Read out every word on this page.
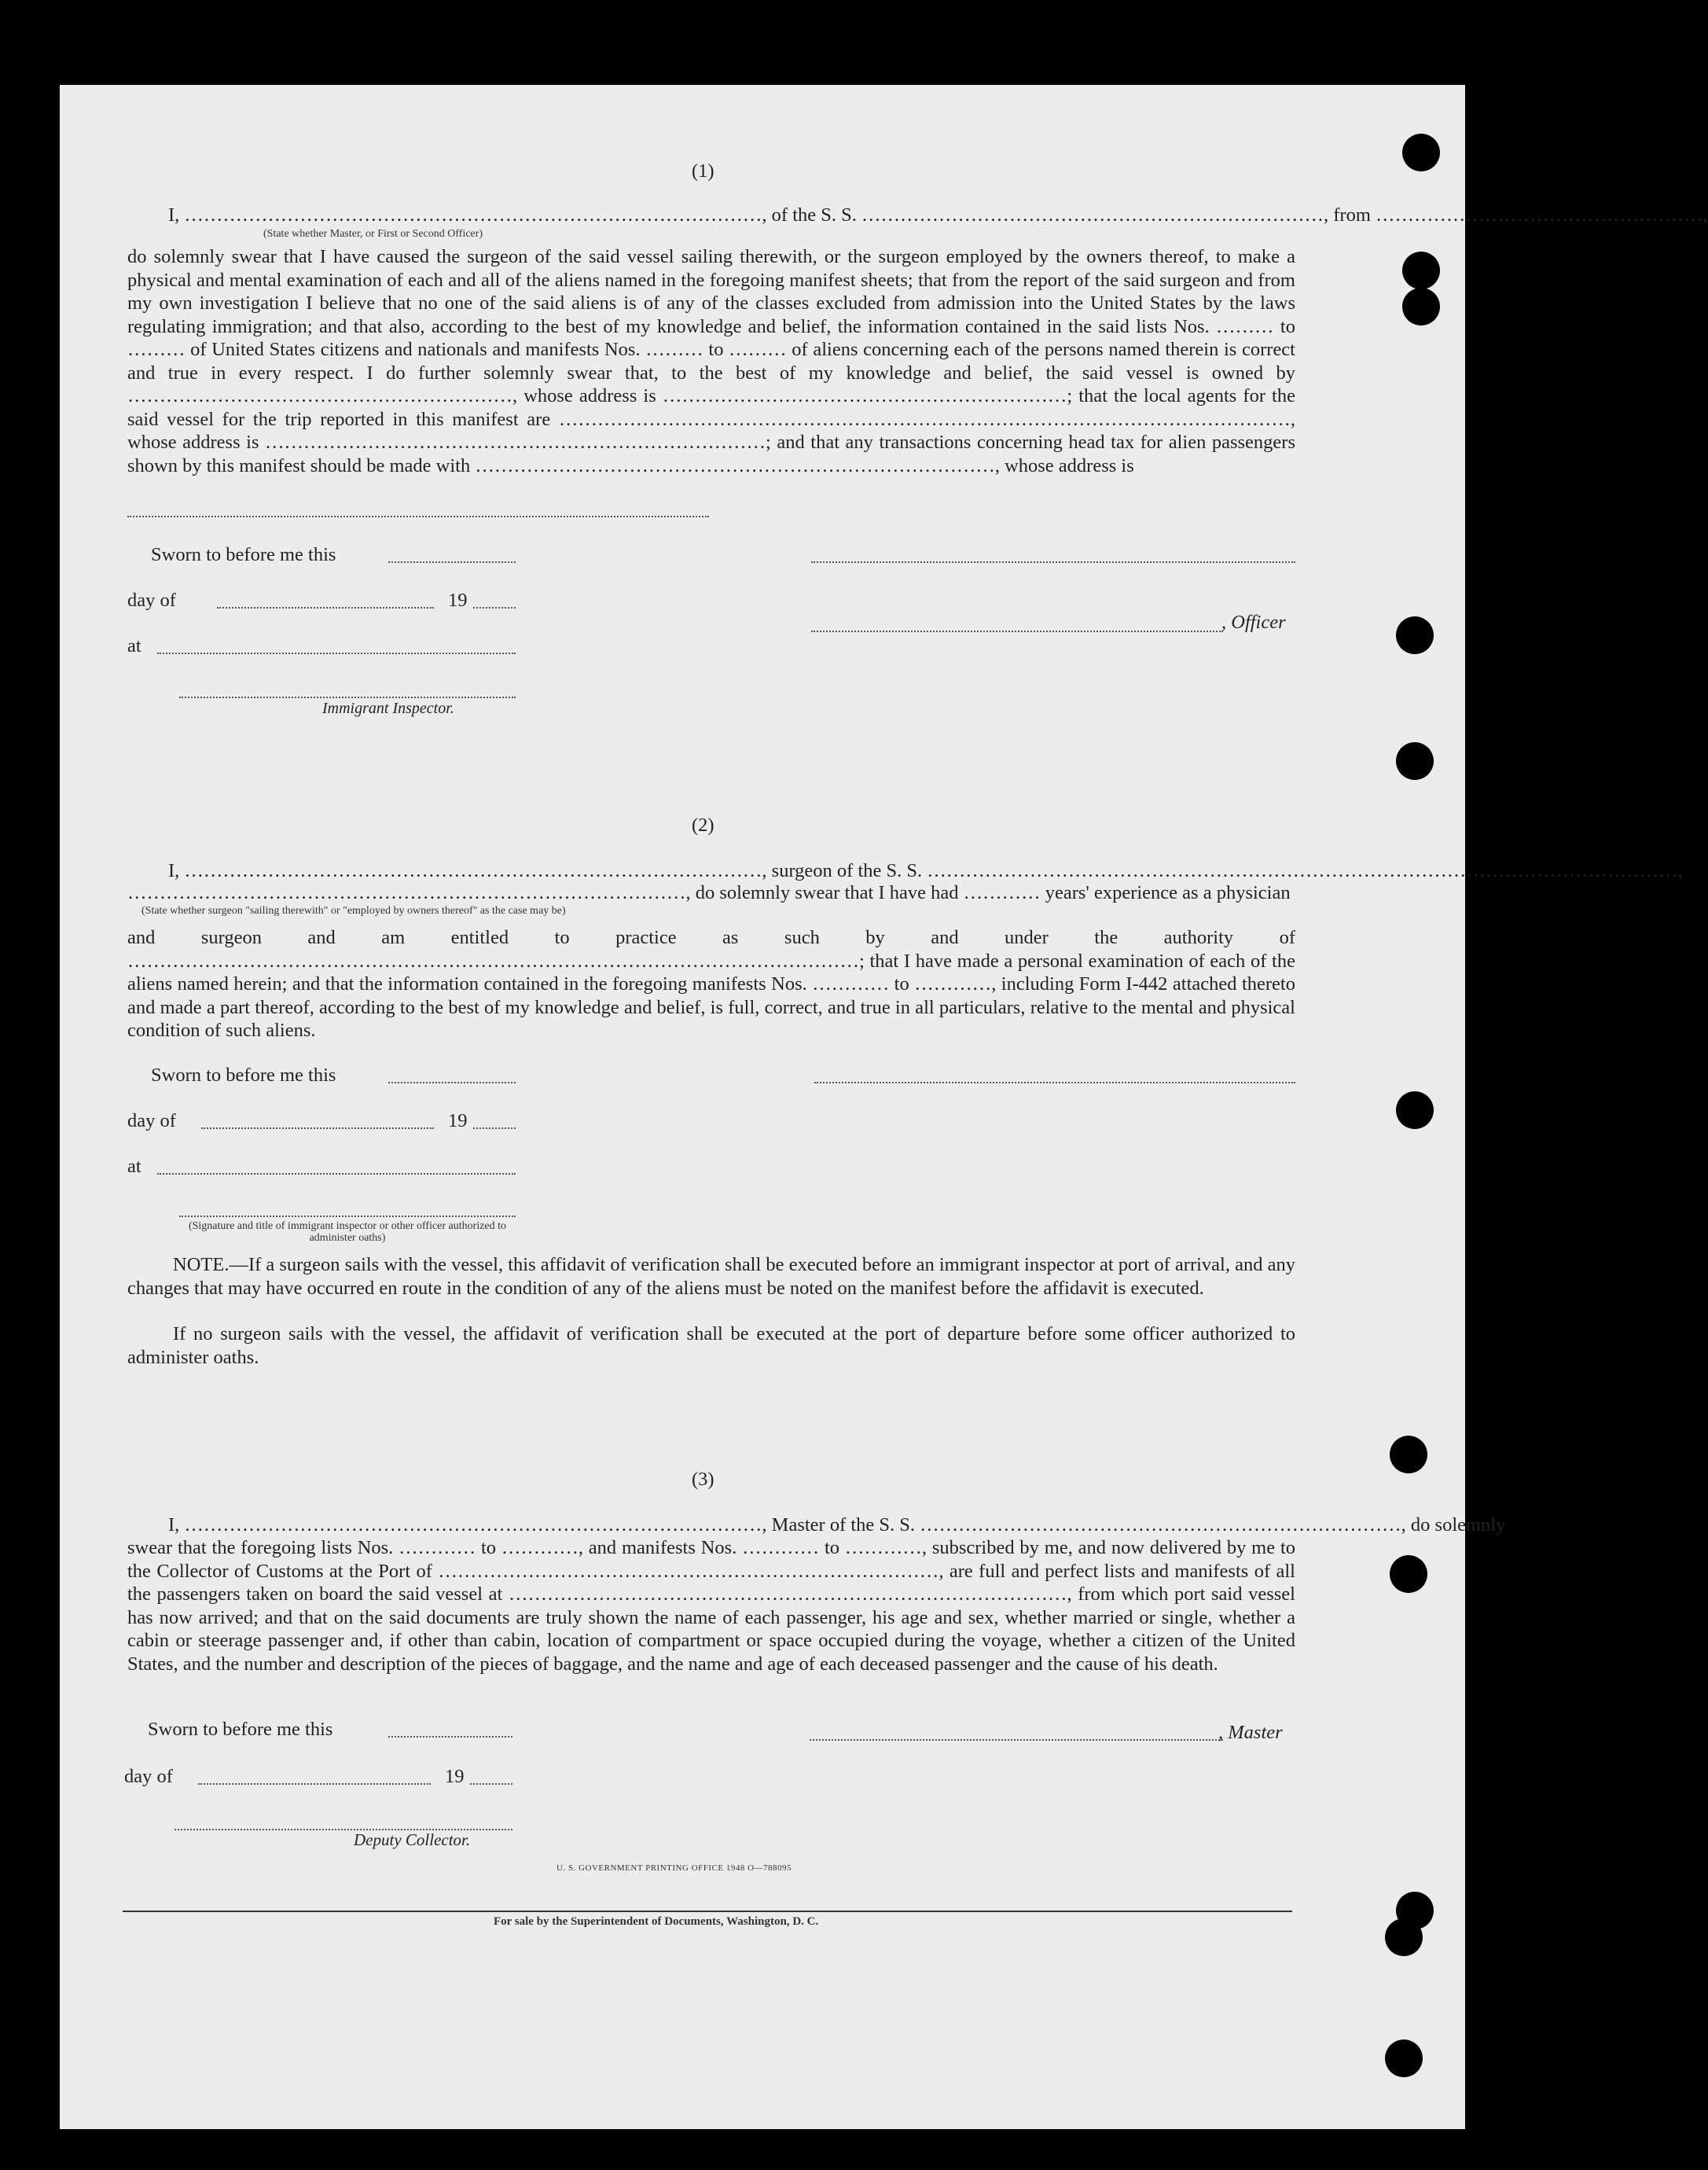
(1)
I, ………………………………………………………………………………, of the S. S. ………………………………………………………………, from ……………………………………………,
(State whether Master, or First or Second Officer)
do solemnly swear that I have caused the surgeon of the said vessel sailing therewith, or the surgeon employed by the owners thereof, to make a physical and mental examination of each and all of the aliens named in the foregoing manifest sheets; that from the report of the said surgeon and from my own investigation I believe that no one of the said aliens is of any of the classes excluded from admission into the United States by the laws regulating immigration; and that also, according to the best of my knowledge and belief, the information contained in the said lists Nos. ……… to ……… of United States citizens and nationals and manifests Nos. ……… to ……… of aliens concerning each of the persons named therein is correct and true in every respect. I do further solemnly swear that, to the best of my knowledge and belief, the said vessel is owned by ……………………………………………………, whose address is ………………………………………………………; that the local agents for the said vessel for the trip reported in this manifest are ……………………………………………………………………………………………………, whose address is ……………………………………………………………………; and that any transactions concerning head tax for alien passengers shown by this manifest should be made with ………………………………………………………………………, whose address is
Sworn to before me this
day of	19
, Officer
at
Immigrant Inspector.
(2)
I, ………………………………………………………………………………, surgeon of the S. S. ………………………………………………………………………………………………………,
……………………………………………………………………………, do solemnly swear that I have had ………… years' experience as a physician
(State whether surgeon "sailing therewith" or "employed by owners thereof" as the case may be)
and surgeon and am entitled to practice as such by and under the authority of ……………………………………………………………………………………………………; that I have made a personal examination of each of the aliens named herein; and that the information contained in the foregoing manifests Nos. ………… to …………, including Form I-442 attached thereto and made a part thereof, according to the best of my knowledge and belief, is full, correct, and true in all particulars, relative to the mental and physical condition of such aliens.
Sworn to before me this
day of	19
at
(Signature and title of immigrant inspector or other officer authorized to administer oaths)
NOTE.—If a surgeon sails with the vessel, this affidavit of verification shall be executed before an immigrant inspector at port of arrival, and any changes that may have occurred en route in the condition of any of the aliens must be noted on the manifest before the affidavit is executed.
If no surgeon sails with the vessel, the affidavit of verification shall be executed at the port of departure before some officer authorized to administer oaths.
(3)
I, ………………………………………………………………………………, Master of the S. S. …………………………………………………………………, do solemnly
swear that the foregoing lists Nos. ………… to …………, and manifests Nos. ………… to …………, subscribed by me, and now delivered by me to the Collector of Customs at the Port of ……………………………………………………………………, are full and perfect lists and manifests of all the passengers taken on board the said vessel at ……………………………………………………………………………, from which port said vessel has now arrived; and that on the said documents are truly shown the name of each passenger, his age and sex, whether married or single, whether a cabin or steerage passenger and, if other than cabin, location of compartment or space occupied during the voyage, whether a citizen of the United States, and the number and description of the pieces of baggage, and the name and age of each deceased passenger and the cause of his death.
Sworn to before me this	, Master
day of	19
Deputy Collector.
U. S. GOVERNMENT PRINTING OFFICE 1948 O—788095
For sale by the Superintendent of Documents, Washington, D. C.
